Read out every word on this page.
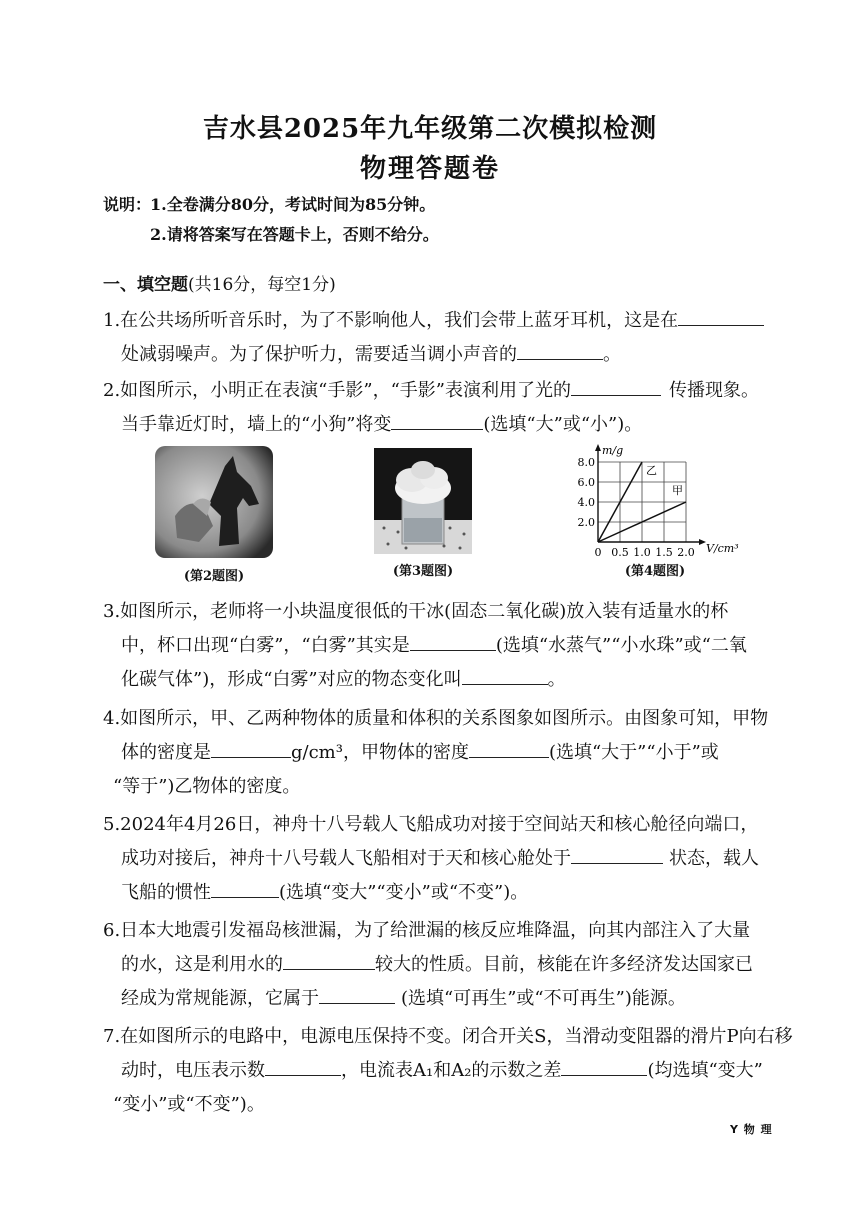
吉水县2025年九年级第二次模拟检测
物理答题卷
说明：
1.全卷满分80分，考试时间为85分钟。
2.请将答案写在答题卡上，否则不给分。
一、填空题(共16分，每空1分)
1.在公共场所听音乐时，为了不影响他人，我们会带上蓝牙耳机，这是在
处减弱噪声。为了保护听力，需要适当调小声音的	。
2.如图所示，小明正在表演“手影”，“手影”表演利用了光的	传播现象。
当手靠近灯时，墙上的“小狗”将变	(选填“大”或“小”)。
(第2题图)	(第3题图)
0 0.5 1.0 1.5 2.0
2.0
4.0
6.0
8.0
V/cm³
m/g
乙
甲
(第4题图)
3.如图所示，老师将一小块温度很低的干冰(固态二氧化碳)放入装有适量水的杯
中，杯口出现“白雾”，“白雾”其实是	(选填“水蒸气”“小水珠”或“二氧
化碳气体”)，形成“白雾”对应的物态变化叫	。
4.如图所示，甲、乙两种物体的质量和体积的关系图象如图所示。由图象可知，甲物
体的密度是	g/cm³，甲物体的密度	(选填“大于”“小于”或
“等于”)乙物体的密度。
5.2024年4月26日，神舟十八号载人飞船成功对接于空间站天和核心舱径向端口，
成功对接后，神舟十八号载人飞船相对于天和核心舱处于	状态，载人
飞船的惯性	(选填“变大”“变小”或“不变”)。
6.日本大地震引发福岛核泄漏，为了给泄漏的核反应堆降温，向其内部注入了大量
的水，这是利用水的	较大的性质。目前，核能在许多经济发达国家已
经成为常规能源，它属于	(选填“可再生”或“不可再生”)能源。
7.在如图所示的电路中，电源电压保持不变。闭合开关S，当滑动变阻器的滑片P向右移
动时，电压表示数	，电流表A₁和A₂的示数之差	(均选填“变大”
“变小”或“不变”)。
Y 物 理
